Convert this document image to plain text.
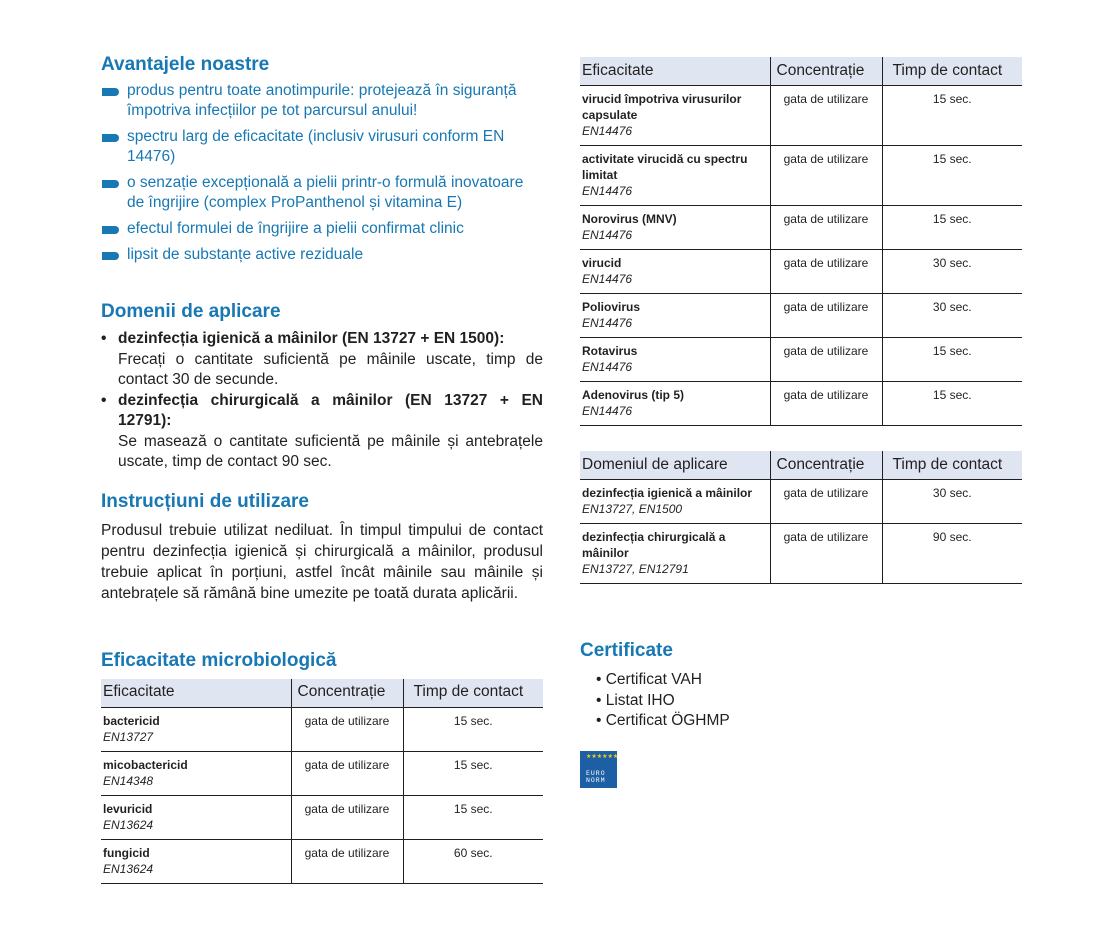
Avantajele noastre
produs pentru toate anotimpurile: protejează în siguranță împotriva infecțiilor pe tot parcursul anului!
spectru larg de eficacitate (inclusiv virusuri conform EN 14476)
o senzație excepțională a pielii printr-o formulă inovatoare de îngrijire (complex ProPanthenol și vitamina E)
efectul formulei de îngrijire a pielii confirmat clinic
lipsit de substanțe active reziduale
Domenii de aplicare
• dezinfecția igienică a mâinilor (EN 13727 + EN 1500):
Frecați o cantitate suficientă pe mâinile uscate, timp de contact 30 de secunde.
• dezinfecția chirurgicală a mâinilor (EN 13727 + EN 12791):
Se masează o cantitate suficientă pe mâinile și antebrațele uscate, timp de contact 90 sec.
Instrucțiuni de utilizare

Produsul trebuie utilizat nediluat. În timpul timpului de contact pentru dezinfecția igienică și chirurgicală a mâinilor, produsul trebuie aplicat în porțiuni, astfel încât mâinile sau mâinile și antebrațele să rămână bine umezite pe toată durata aplicării.

Eficacitate microbiologică
Eficacitate	Concentrație	Timp de contact

bactericid
EN13727	gata de utilizare	15 sec.

micobactericid
EN14348	gata de utilizare	15 sec.

levuricid
EN13624	gata de utilizare	15 sec.

fungicid
EN13624	gata de utilizare	60 sec.
Eficacitate	Concentrație	Timp de contact

virucid împotriva virusurilor capsulate
EN14476	gata de utilizare	15 sec.

activitate virucidă cu spectru limitat
EN14476	gata de utilizare	15 sec.

Norovirus (MNV)
EN14476	gata de utilizare	15 sec.

virucid
EN14476	gata de utilizare	30 sec.

Poliovirus
EN14476	gata de utilizare	30 sec.

Rotavirus
EN14476	gata de utilizare	15 sec.

Adenovirus (tip 5)
EN14476	gata de utilizare	15 sec.
Domeniul de aplicare	Concentrație	Timp de contact

dezinfecția igienică a mâinilor
EN13727, EN1500	gata de utilizare	30 sec.

dezinfecția chirurgicală a mâinilor
EN13727, EN12791	gata de utilizare	90 sec.
Certificate
• Certificat VAH
• Listat IHO
• Certificat ÖGHMP
★★★★★★
EURO
NORM
